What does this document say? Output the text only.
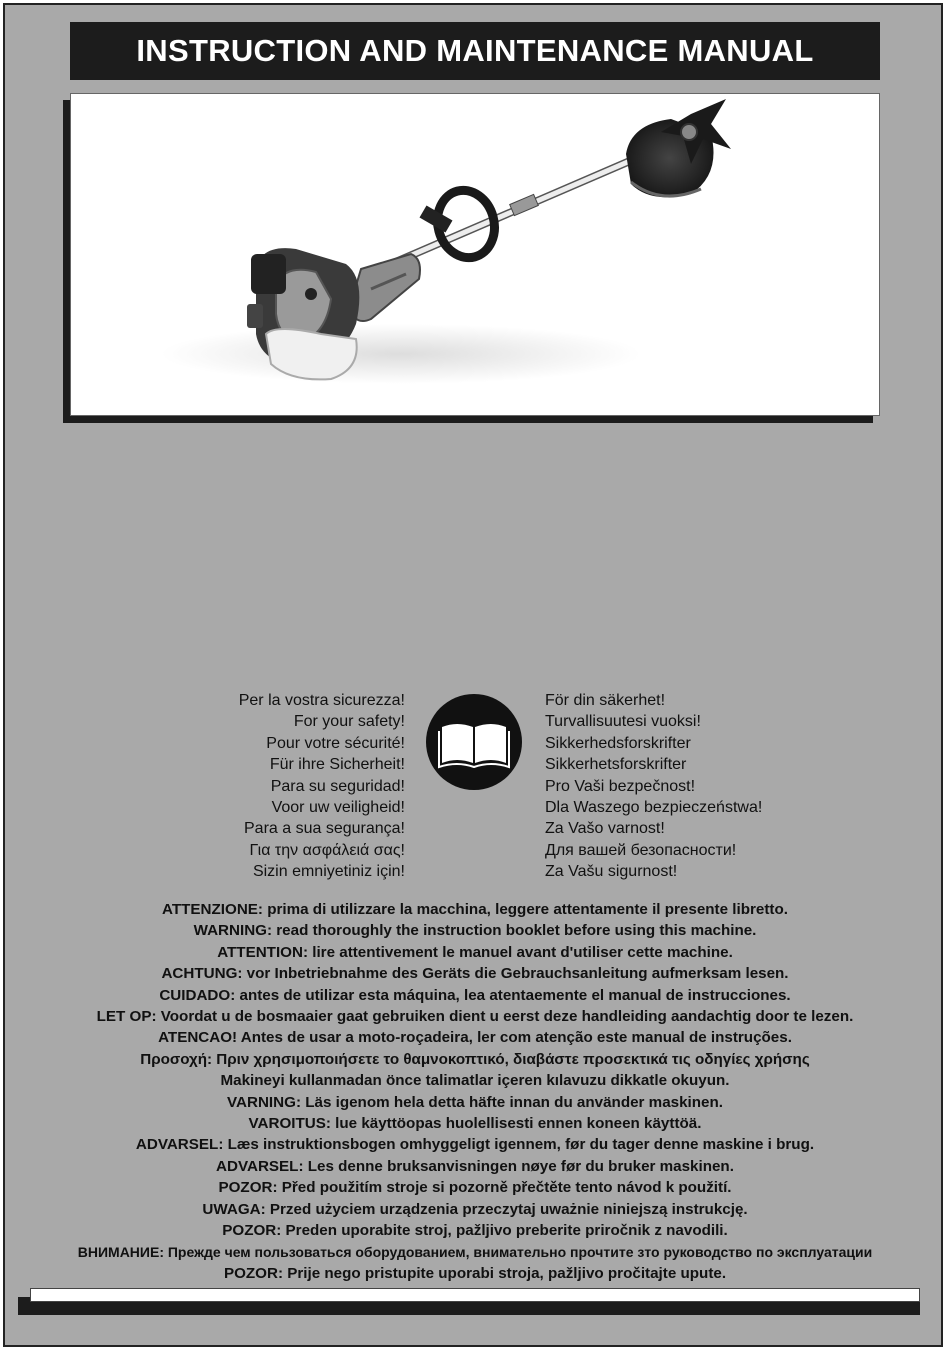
INSTRUCTION AND MAINTENANCE MANUAL
Per la vostra sicurezza!
For your safety!
Pour votre sécurité!
Für ihre Sicherheit!
Para su seguridad!
Voor uw veiligheid!
Para a sua segurança!
Για την ασφάλειά σας!
Sizin emniyetiniz için!
För din säkerhet!
Turvallisuutesi vuoksi!
Sikkerhedsforskrifter
Sikkerhetsforskrifter
Pro Vaši bezpečnost!
Dla Waszego bezpieczeństwa!
Za Vašo varnost!
Для вашей безопасности!
Za Vašu sigurnost!
ATTENZIONE: prima di utilizzare la macchina, leggere attentamente il presente libretto.
WARNING: read thoroughly the instruction booklet before using this machine.
ATTENTION: lire attentivement le manuel avant d'utiliser cette machine.
ACHTUNG: vor Inbetriebnahme des Geräts die Gebrauchsanleitung aufmerksam lesen.
CUIDADO: antes de utilizar esta máquina, lea atentaemente el manual de instrucciones.
LET OP: Voordat u de bosmaaier gaat gebruiken dient u eerst deze handleiding aandachtig door te lezen.
ATENCAO! Antes de usar a moto-roçadeira, ler com atenção este manual de instruções.
Προσοχή: Πριν χρησιμοποιήσετε το θαμνοκοπτικό, διαβάστε προσεκτικά τις οδηγίες χρήσης
Makineyi kullanmadan önce talimatlar içeren kılavuzu dikkatle okuyun.
VARNING: Läs igenom hela detta häfte innan du använder maskinen.
VAROITUS: lue käyttöopas huolellisesti ennen koneen käyttöä.
ADVARSEL: Læs instruktionsbogen omhyggeligt igennem, før du tager denne maskine i brug.
ADVARSEL: Les denne bruksanvisningen nøye før du bruker maskinen.
POZOR: Před použitím stroje si pozorně přečtěte tento návod k použití.
UWAGA: Przed użyciem urządzenia przeczytaj uważnie niniejszą instrukcję.
POZOR: Preden uporabite stroj, pažljivo preberite priročnik z navodili.
ВНИМАНИЕ: Прежде чем пользоваться оборудованием, внимательно прочтите зто руководство по эксплуатации
POZOR: Prije nego pristupite uporabi stroja, pažljivo pročitajte upute.
